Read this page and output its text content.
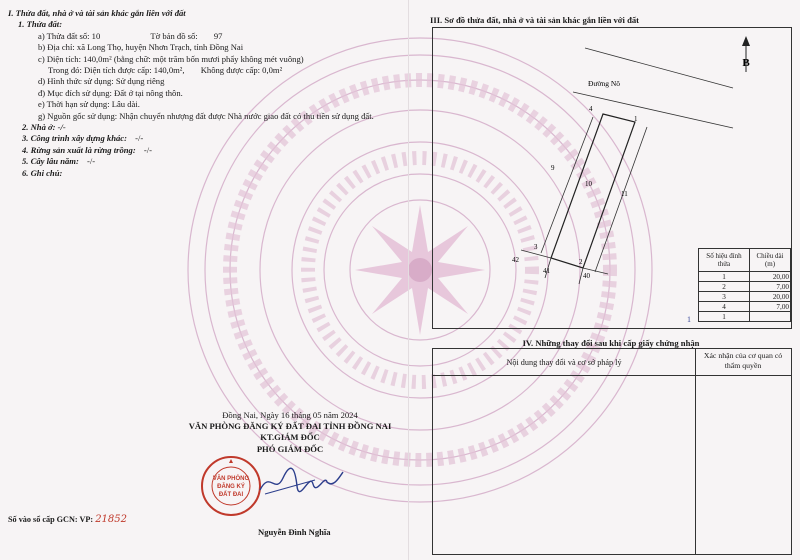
I. Thửa đất, nhà ở và tài sản khác gắn liền với đất
1. Thửa đất:
a) Thửa đất số: 10	Tờ bản đồ số: 97
b) Địa chỉ: xã Long Thọ, huyện Nhơn Trạch, tỉnh Đồng Nai
c) Diện tích: 140,0m² (bằng chữ: một trăm bốn mươi phẩy không mét vuông)
Trong đó: Diện tích được cấp: 140,0m², Không được cấp: 0,0m²
d) Hình thức sử dụng: Sử dụng riêng
đ) Mục đích sử dụng: Đất ở tại nông thôn.
e) Thời hạn sử dụng: Lâu dài.
g) Nguồn gốc sử dụng: Nhận chuyển nhượng đất được Nhà nước giao đất có thu tiền sử dụng đất.
2. Nhà ở: -/-
3. Công trình xây dựng khác: -/-
4. Rừng sản xuất là rừng trồng: -/-
5. Cây lâu năm: -/-
6. Ghi chú:
Đồng Nai, Ngày 16 tháng 05 năm 2024
VĂN PHÒNG ĐĂNG KÝ ĐẤT ĐAI TỈNH ĐỒNG NAI
KT.GIÁM ĐỐC
PHÓ GIÁM ĐỐC
VĂN PHÒNG
ĐĂNG KÝ
ĐẤT ĐAI
Nguyễn Đình Nghĩa
Số vào sổ cấp GCN: VP: 21852
III. Sơ đồ thửa đất, nhà ở và tài sản khác gắn liền với đất
B
Đường Nô
1
2
3
4
9
10
11
42
41
40
Số hiệu đỉnh thửa	Chiều dài (m)
1	20,00
2	7,00
3	20,00
4	7,00
1	
1
IV. Những thay đổi sau khi cấp giấy chứng nhận
Nội dung thay đổi và cơ sở pháp lý
Xác nhận của cơ quan có thẩm quyền
